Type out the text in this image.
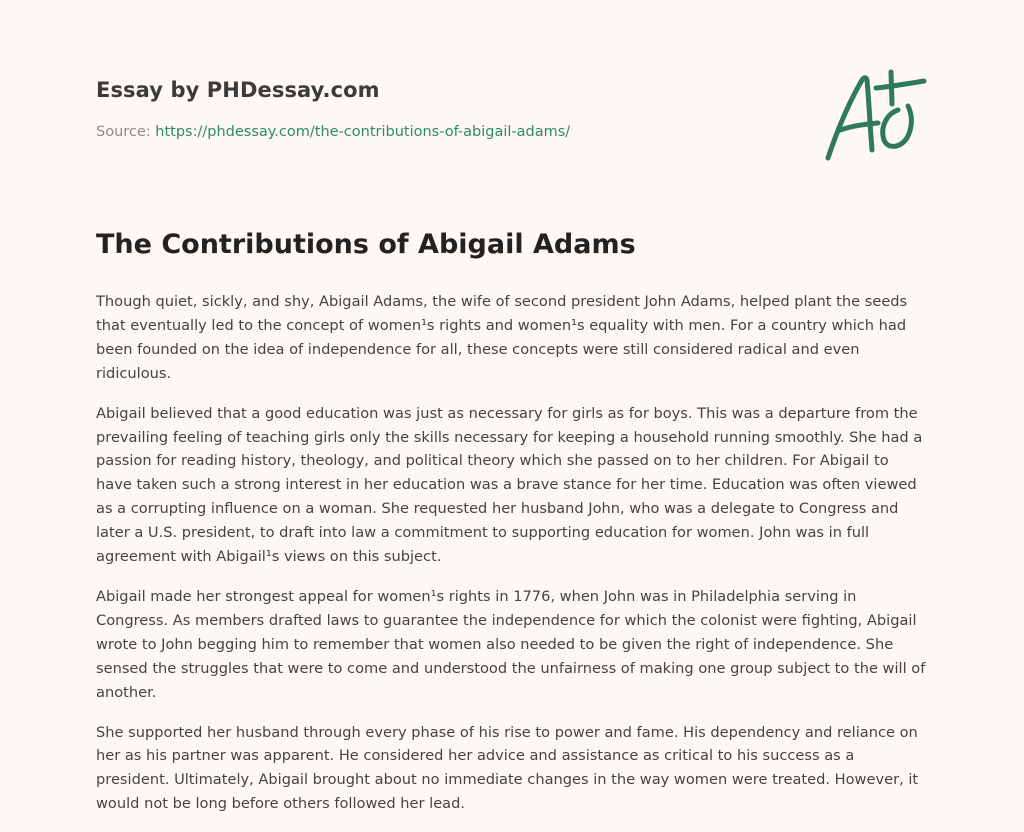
Essay by PHDessay.com
Source: https://phdessay.com/the-contributions-of-abigail-adams/
The Contributions of Abigail Adams

Though quiet, sickly, and shy, Abigail Adams, the wife of second president John Adams, helped plant the seeds that eventually led to the concept of women¹s rights and women¹s equality with men. For a country which had been founded on the idea of independence for all, these concepts were still considered radical and even ridiculous.

Abigail believed that a good education was just as necessary for girls as for boys. This was a departure from the prevailing feeling of teaching girls only the skills necessary for keeping a household running smoothly. She had a passion for reading history, theology, and political theory which she passed on to her children. For Abigail to have taken such a strong interest in her education was a brave stance for her time. Education was often viewed as a corrupting influence on a woman. She requested her husband John, who was a delegate to Congress and later a U.S. president, to draft into law a commitment to supporting education for women. John was in full agreement with Abigail¹s views on this subject.

Abigail made her strongest appeal for women¹s rights in 1776, when John was in Philadelphia serving in Congress. As members drafted laws to guarantee the independence for which the colonist were fighting, Abigail wrote to John begging him to remember that women also needed to be given the right of independence. She sensed the struggles that were to come and understood the unfairness of making one group subject to the will of another.

She supported her husband through every phase of his rise to power and fame. His dependency and reliance on her as his partner was apparent. He considered her advice and assistance as critical to his success as a president. Ultimately, Abigail brought about no immediate changes in the way women were treated. However, it would not be long before others followed her lead.
